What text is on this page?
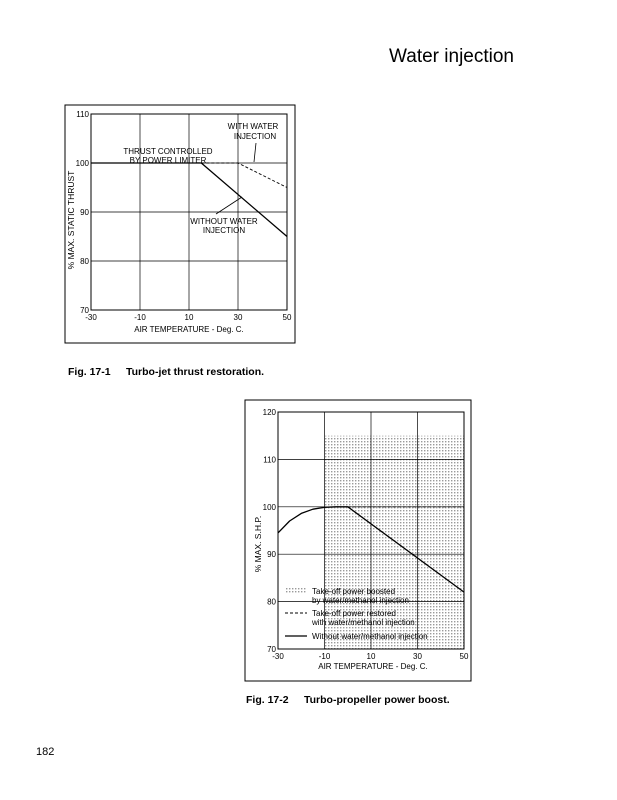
Water injection
70
80
90
100
110
-30	-10	10	30	50
% MAX. STATIC THRUST
AIR TEMPERATURE - Deg. C.
WITH WATER
INJECTION
THRUST CONTROLLED
BY POWER LIMITER
WITHOUT WATER
INJECTION
Fig. 17-1 Turbo-jet thrust restoration.
70
80
90
100
110
120
-30	-10	10	30	50
% MAX. S.H.P.
AIR TEMPERATURE - Deg. C.
Take-off power boosted
by water/methanol injection
Take-off power restored
with water/methanol injection
Without water/methanol injection
Fig. 17-2 Turbo-propeller power boost.
182
